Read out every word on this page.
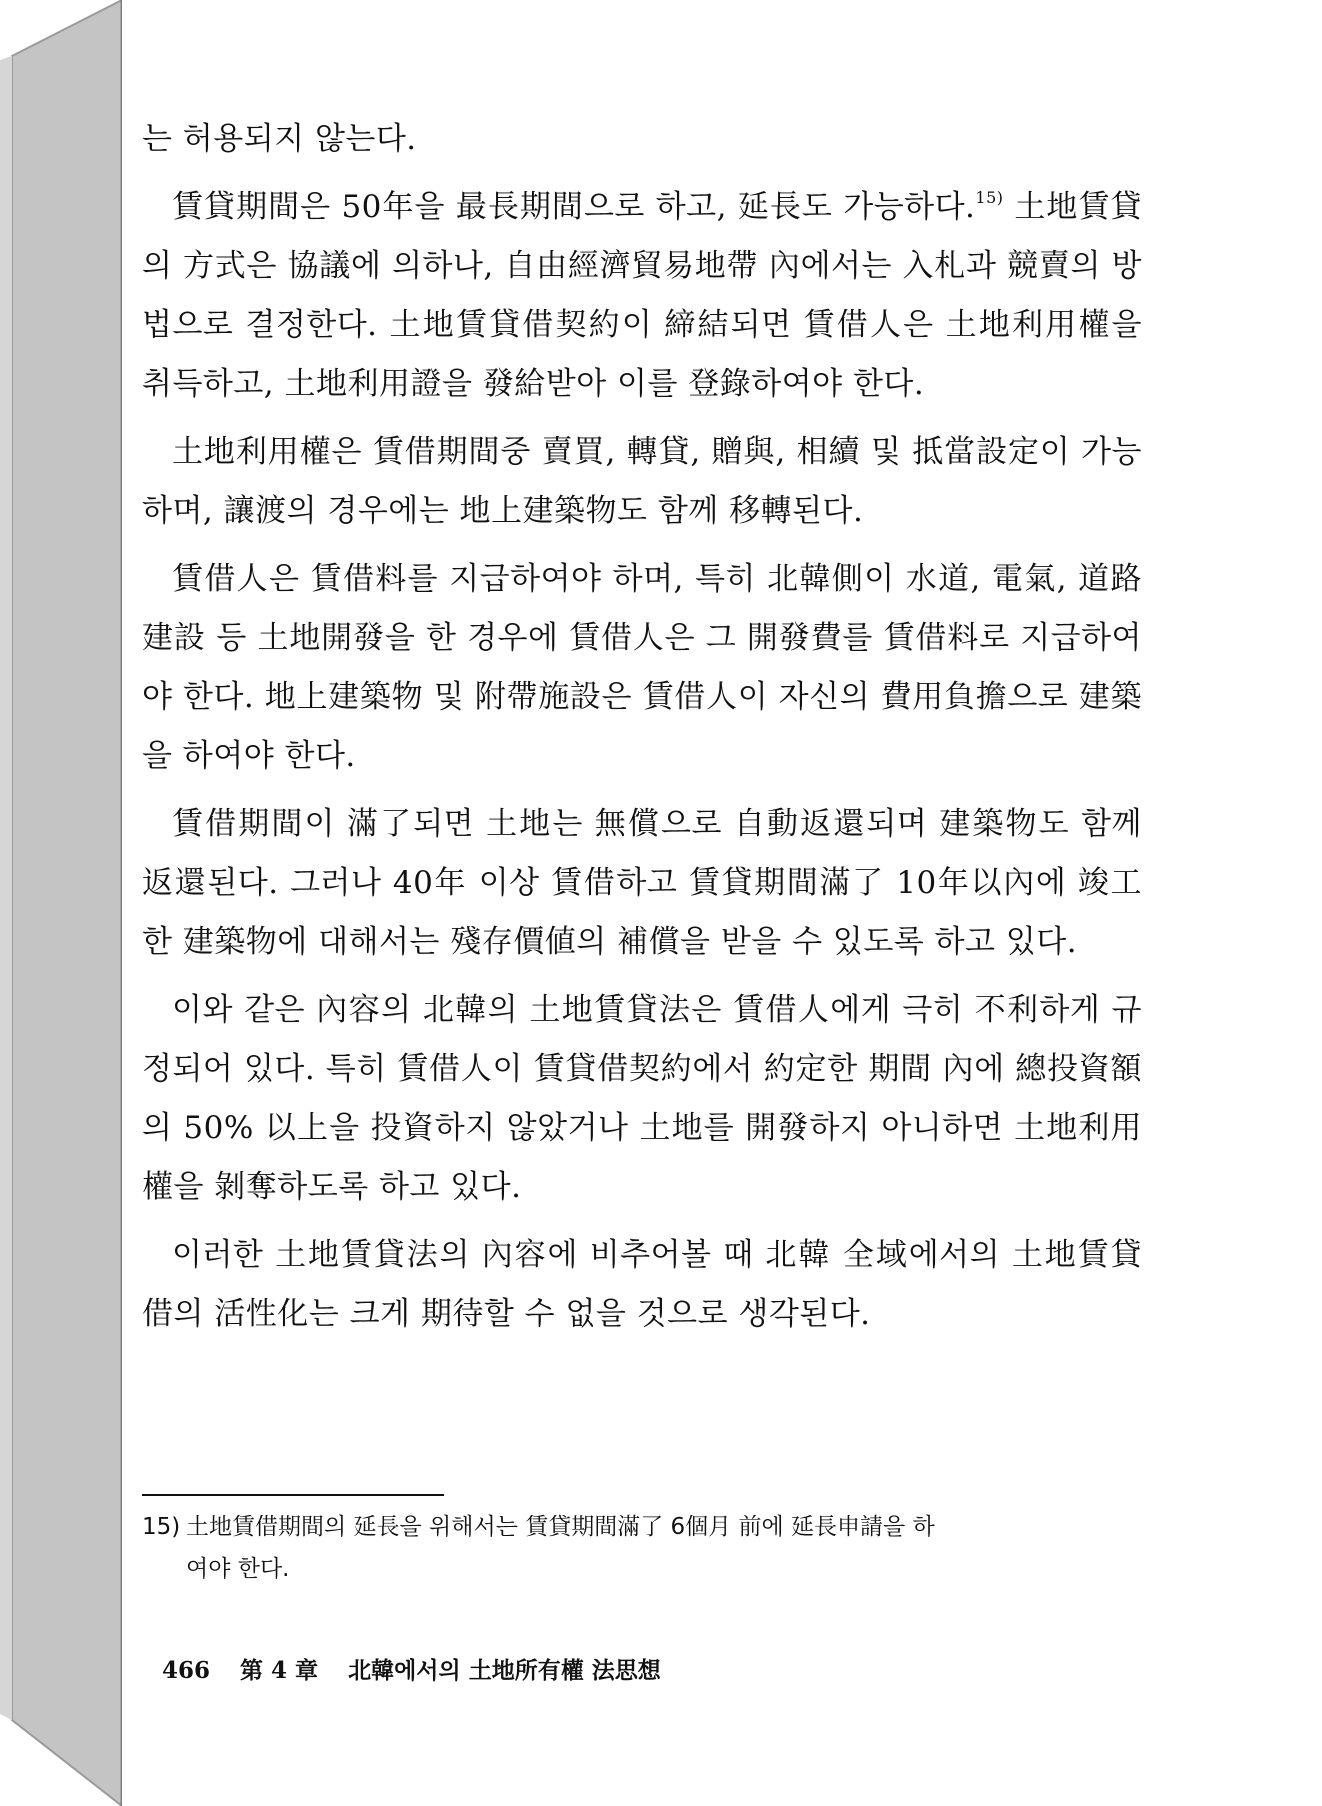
는 허용되지 않는다.

賃貸期間은 50年을 最長期間으로 하고, 延長도 가능하다.$^{15)}$ 土地賃貸의 方式은 協議에 의하나, 自由經濟貿易地帶 內에서는 入札과 競賣의 방법으로 결정한다. 土地賃貸借契約이 締結되면 賃借人은 土地利用權을 취득하고, 土地利用證을 發給받아 이를 登錄하여야 한다.

土地利用權은 賃借期間중 賣買, 轉貸, 贈與, 相續 및 抵當設定이 가능하며, 讓渡의 경우에는 地上建築物도 함께 移轉된다.

賃借人은 賃借料를 지급하여야 하며, 특히 北韓側이 水道, 電氣, 道路建設 등 土地開發을 한 경우에 賃借人은 그 開發費를 賃借料로 지급하여야 한다. 地上建築物 및 附帶施設은 賃借人이 자신의 費用負擔으로 建築을 하여야 한다.

賃借期間이 滿了되면 土地는 無償으로 自動返還되며 建築物도 함께 返還된다. 그러나 40年 이상 賃借하고 賃貸期間滿了 10年以內에 竣工한 建築物에 대해서는 殘存價値의 補償을 받을 수 있도록 하고 있다.

이와 같은 內容의 北韓의 土地賃貸法은 賃借人에게 극히 不利하게 규정되어 있다. 특히 賃借人이 賃貸借契約에서 約定한 期間 內에 總投資額의 50% 以上을 投資하지 않았거나 土地를 開發하지 아니하면 土地利用權을 剝奪하도록 하고 있다.

이러한 土地賃貸法의 內容에 비추어볼 때 北韓 全域에서의 土地賃貸借의 活性化는 크게 期待할 수 없을 것으로 생각된다.

15) 土地賃借期間의 延長을 위해서는 賃貸期間滿了 6個月 前에 延長申請을 하
여야 한다.
466 第 4 章 北韓에서의 土地所有權 法思想
